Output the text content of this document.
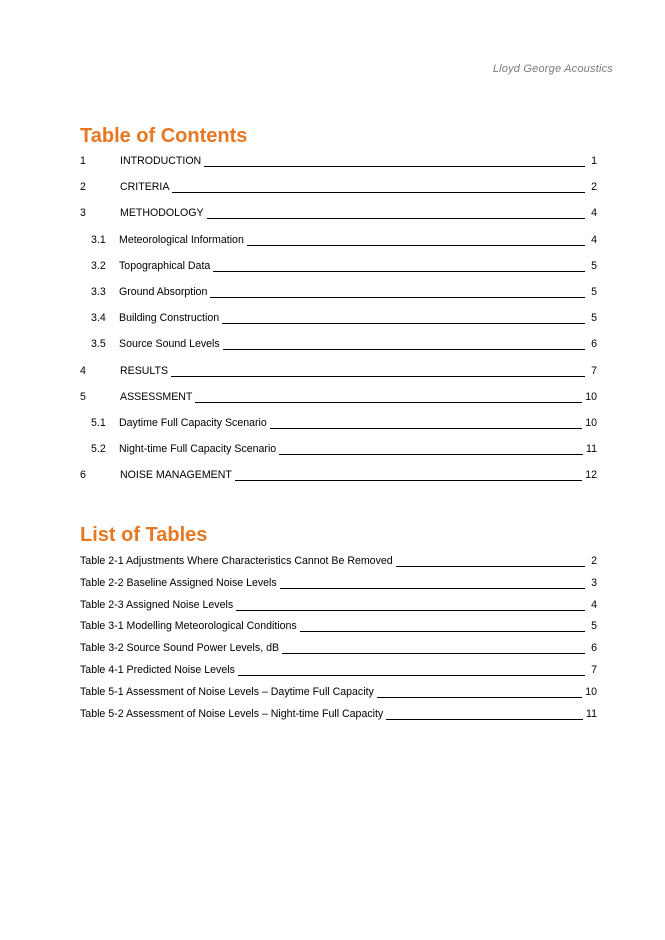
Lloyd George Acoustics
Table of Contents
1	INTRODUCTION	1
2	CRITERIA	2
3	METHODOLOGY	4
3.1	Meteorological Information	4
3.2	Topographical Data	5
3.3	Ground Absorption	5
3.4	Building Construction	5
3.5	Source Sound Levels	6
4	RESULTS	7
5	ASSESSMENT	10
5.1	Daytime Full Capacity Scenario	10
5.2	Night-time Full Capacity Scenario	11
6	NOISE MANAGEMENT	12
List of Tables
Table 2-1 Adjustments Where Characteristics Cannot Be Removed	2
Table 2-2 Baseline Assigned Noise Levels	3
Table 2-3 Assigned Noise Levels	4
Table 3-1 Modelling Meteorological Conditions	5
Table 3-2 Source Sound Power Levels, dB	6
Table 4-1 Predicted Noise Levels	7
Table 5-1 Assessment of Noise Levels – Daytime Full Capacity	10
Table 5-2 Assessment of Noise Levels – Night-time Full Capacity	11
